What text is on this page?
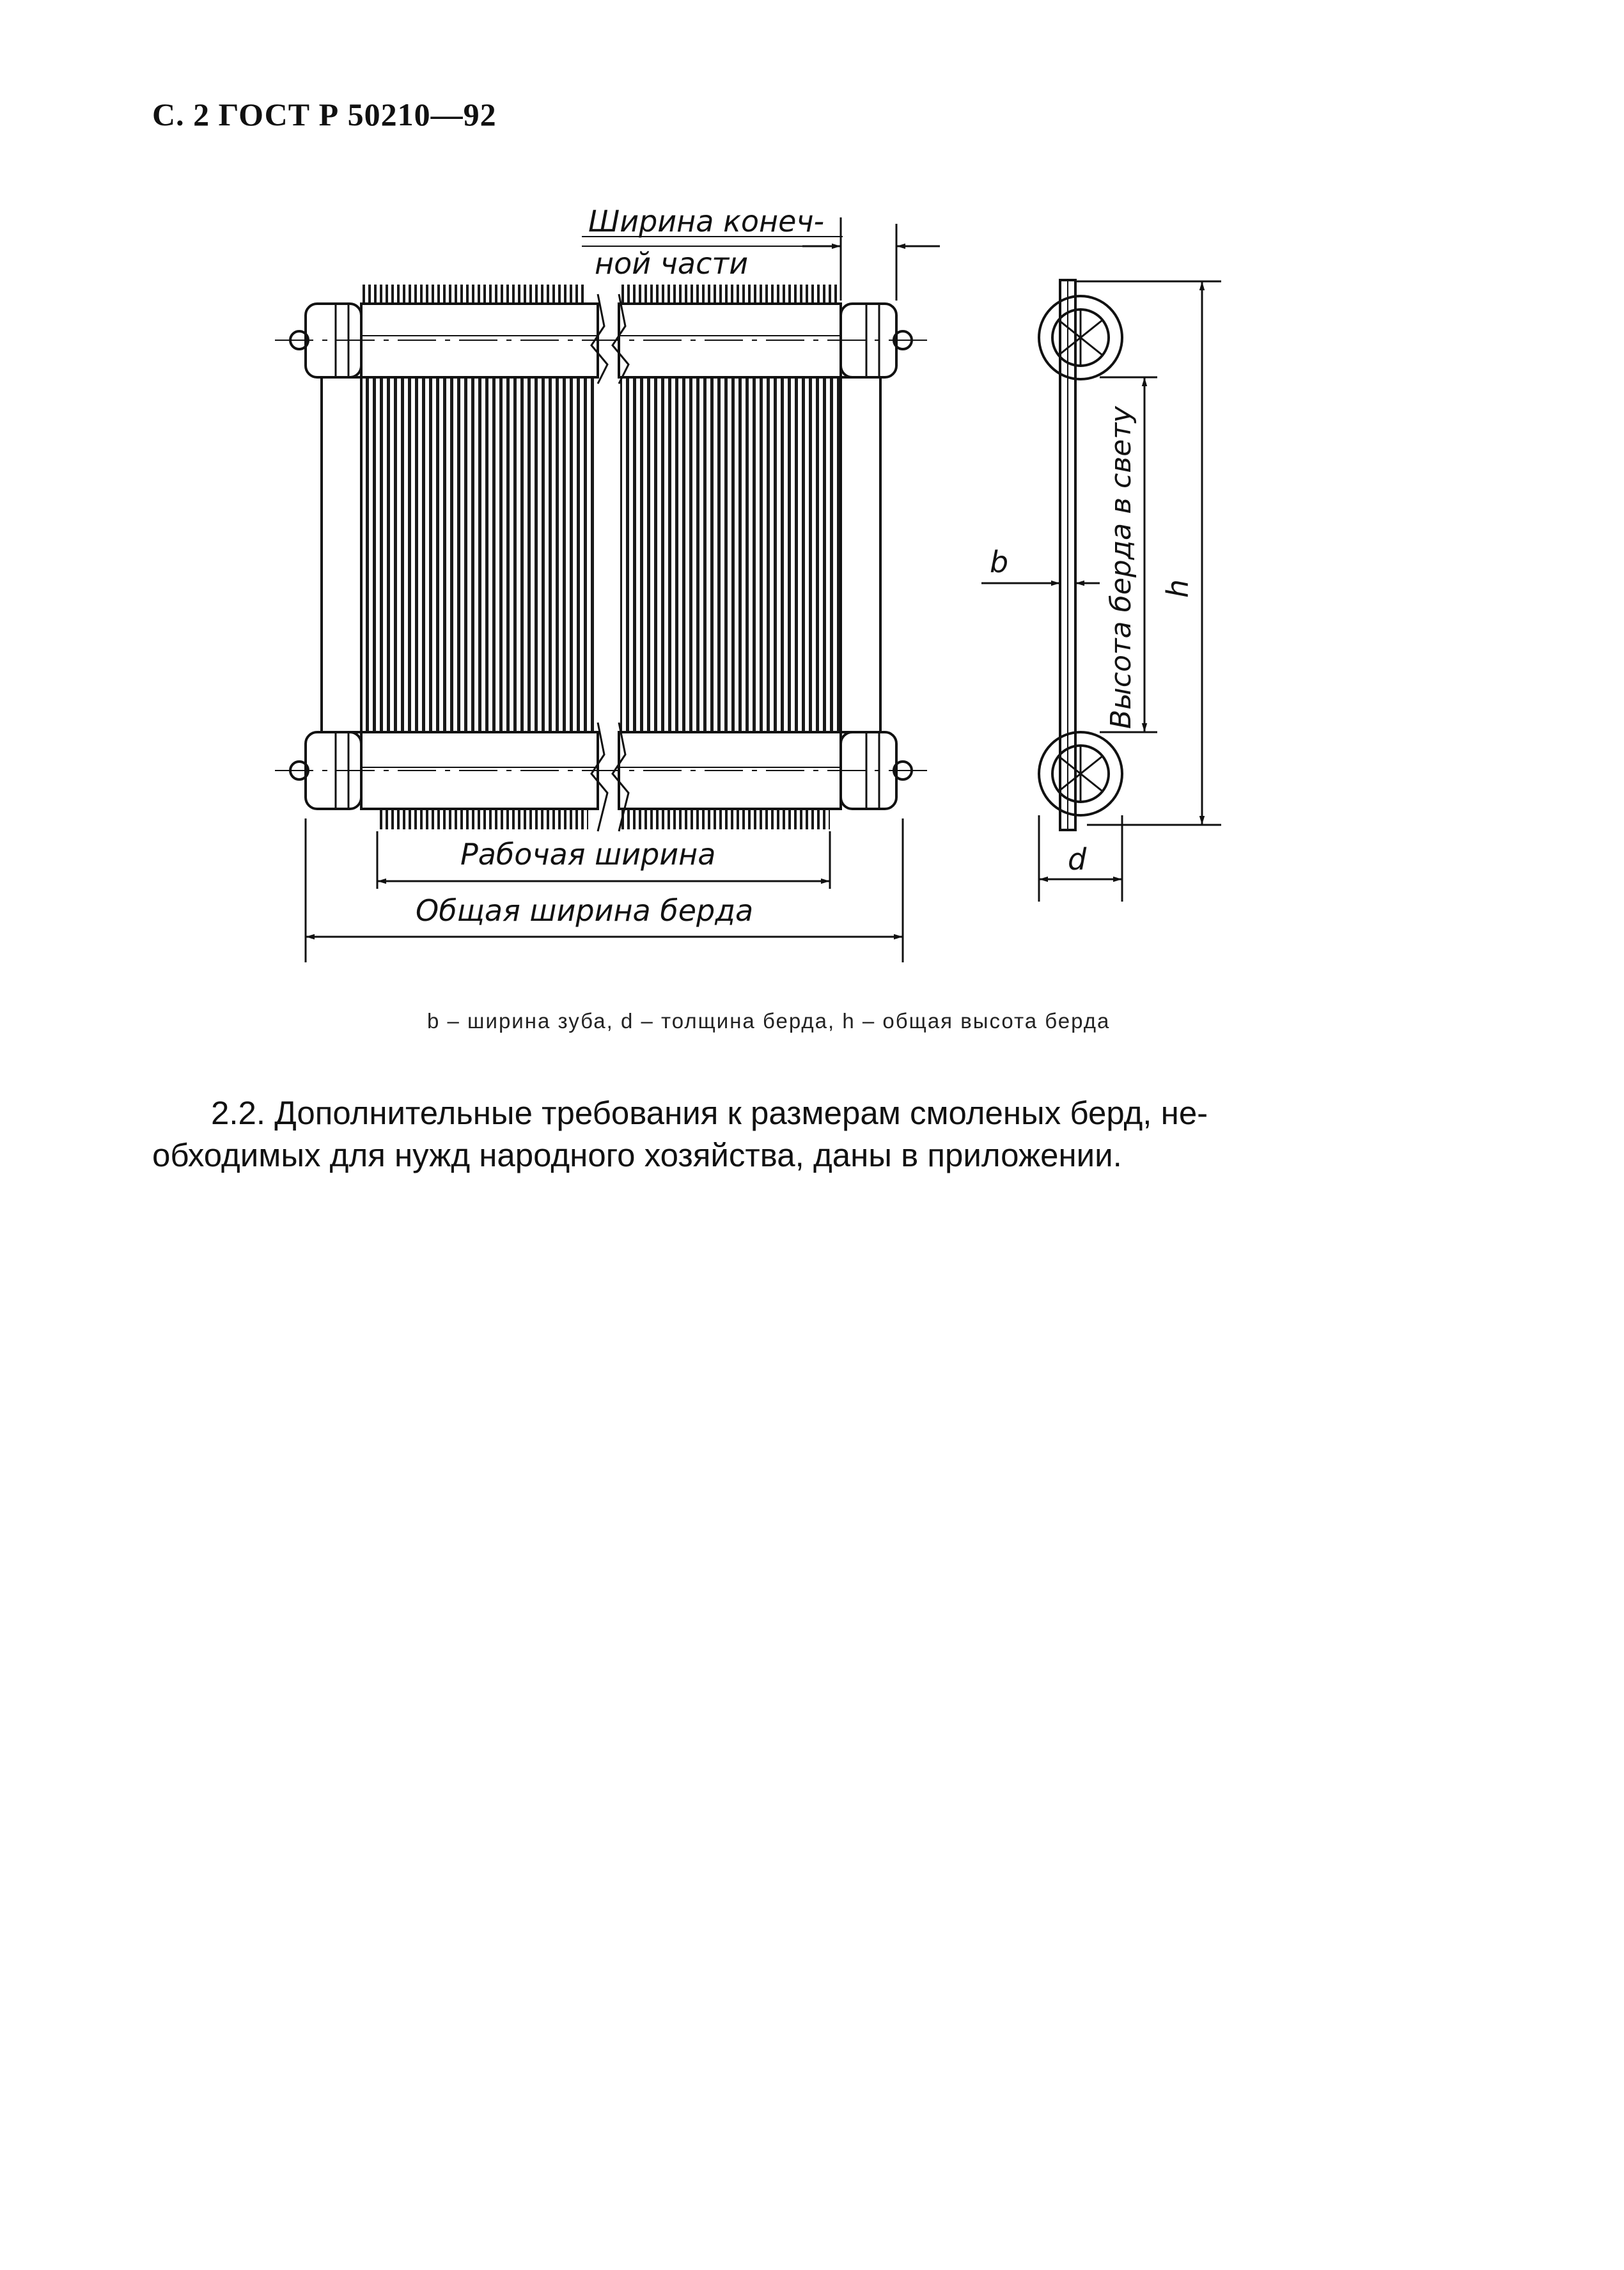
С. 2 ГОСТ Р 50210—92
Ширина конеч-
ной части
Рабочая ширина
Общая ширина берда
Высота берда в свету h
b
d
b – ширина зуба, d – толщина берда, h – общая высота берда
2.2. Дополнительные требования к размерам смоленых берд, не-
обходимых для нужд народного хозяйства, даны в приложении.
